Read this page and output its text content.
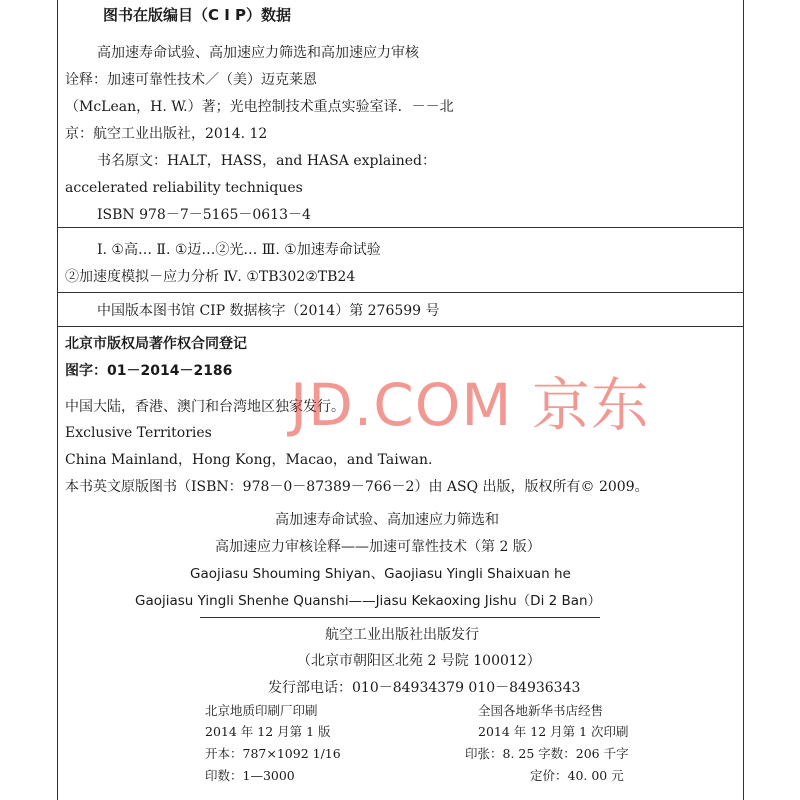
图书在版编目（C I P）数据
高加速寿命试验、高加速应力筛选和高加速应力审核
诠释：加速可靠性技术／（美）迈克莱恩
（McLean，H. W.）著；光电控制技术重点实验室译．－－北
京：航空工业出版社，2014. 12
书名原文：HALT，HASS，and HASA explained：
accelerated reliability techniques
ISBN 978－7－5165－0613－4
Ⅰ. ①高… Ⅱ. ①迈…②光… Ⅲ. ①加速寿命试验
②加速度模拟－应力分析 Ⅳ. ①TB302②TB24
中国版本图书馆 CIP 数据核字（2014）第 276599 号
北京市版权局著作权合同登记
图字：01－2014－2186
中国大陆，香港、澳门和台湾地区独家发行。
Exclusive Territories
China Mainland，Hong Kong，Macao，and Taiwan.
本书英文原版图书（ISBN：978－0－87389－766－2）由 ASQ 出版，版权所有© 2009。
JD.COM 京东
高加速寿命试验、高加速应力筛选和
高加速应力审核诠释——加速可靠性技术（第 2 版）
Gaojiasu Shouming Shiyan、Gaojiasu Yingli Shaixuan he
Gaojiasu Yingli Shenhe Quanshi——Jiasu Kekaoxing Jishu（Di 2 Ban）
航空工业出版社出版发行
（北京市朝阳区北苑 2 号院 100012）
发行部电话：010－84934379 010－84936343
北京地质印刷厂印刷	全国各地新华书店经售
2014 年 12 月第 1 版	2014 年 12 月第 1 次印刷
开本：787×1092 1/16	印张：8. 25 字数：206 千字
印数：1—3000	定价：40. 00 元
